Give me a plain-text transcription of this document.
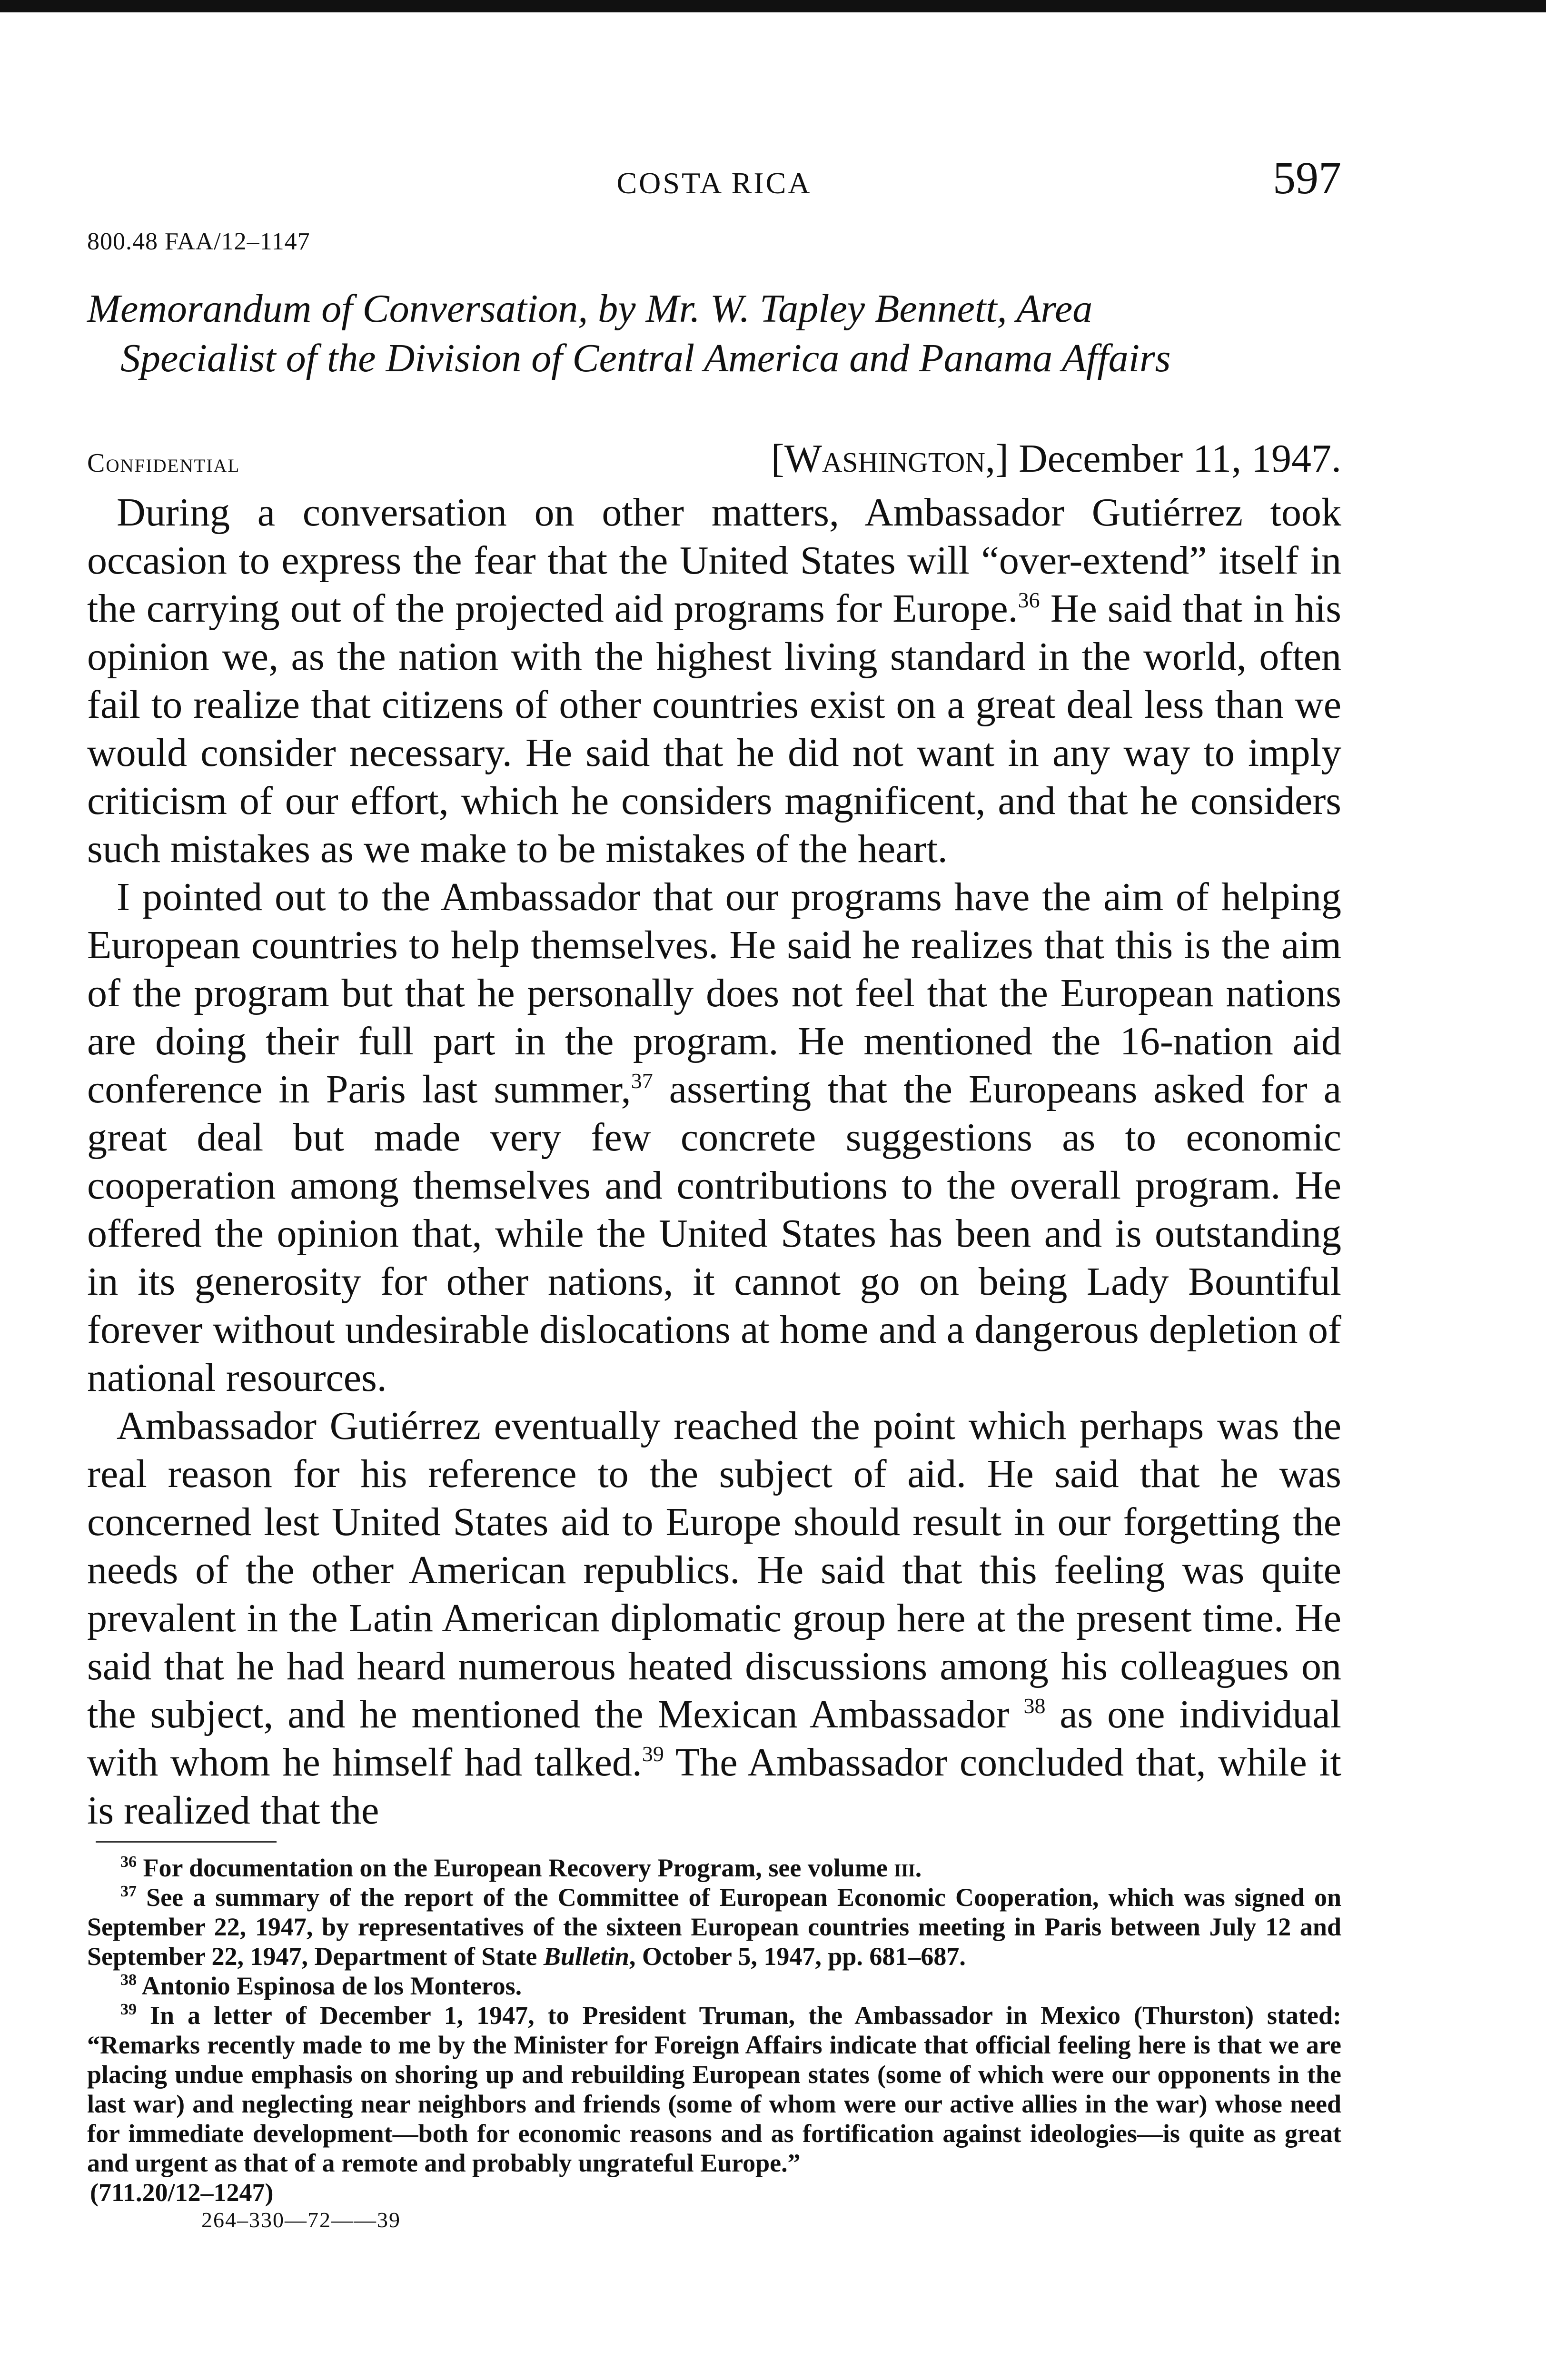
COSTA RICA	597
800.48 FAA/12–1147
Memorandum of Conversation, by Mr. W. Tapley Bennett, Area
Specialist of the Division of Central America and Panama Affairs
Confidential	[Washington,] December 11, 1947.

During a conversation on other matters, Ambassador Gutiérrez took occasion to express the fear that the United States will “over-extend” itself in the carrying out of the projected aid programs for Europe.$^{36}$ He said that in his opinion we, as the nation with the highest living standard in the world, often fail to realize that citizens of other countries exist on a great deal less than we would consider necessary. He said that he did not want in any way to imply criticism of our effort, which he considers magnificent, and that he considers such mistakes as we make to be mistakes of the heart.

I pointed out to the Ambassador that our programs have the aim of helping European countries to help themselves. He said he realizes that this is the aim of the program but that he personally does not feel that the European nations are doing their full part in the program. He mentioned the 16-nation aid conference in Paris last summer,$^{37}$ asserting that the Europeans asked for a great deal but made very few concrete suggestions as to economic cooperation among themselves and contributions to the overall program. He offered the opinion that, while the United States has been and is outstanding in its generosity for other nations, it cannot go on being Lady Bountiful forever without undesirable dislocations at home and a dangerous depletion of national resources.

Ambassador Gutiérrez eventually reached the point which perhaps was the real reason for his reference to the subject of aid. He said that he was concerned lest United States aid to Europe should result in our forgetting the needs of the other American republics. He said that this feeling was quite prevalent in the Latin American diplomatic group here at the present time. He said that he had heard numerous heated discussions among his colleagues on the subject, and he mentioned the Mexican Ambassador $^{38}$ as one individual with whom he himself had talked.$^{39}$ The Ambassador concluded that, while it is realized that the

$^{36}$ For documentation on the European Recovery Program, see volume iii.

$^{37}$ See a summary of the report of the Committee of European Economic Cooperation, which was signed on September 22, 1947, by representatives of the sixteen European countries meeting in Paris between July 12 and September 22, 1947, Department of State Bulletin, October 5, 1947, pp. 681–687.

$^{38}$ Antonio Espinosa de los Monteros.

$^{39}$ In a letter of December 1, 1947, to President Truman, the Ambassador in Mexico (Thurston) stated: “Remarks recently made to me by the Minister for Foreign Affairs indicate that official feeling here is that we are placing undue emphasis on shoring up and rebuilding European states (some of which were our opponents in the last war) and neglecting near neighbors and friends (some of whom were our active allies in the war) whose need for immediate development—both for economic reasons and as fortification against ideologies—is quite as great and urgent as that of a remote and probably ungrateful Europe.”

(711.20/12–1247)

264–330—72——39
